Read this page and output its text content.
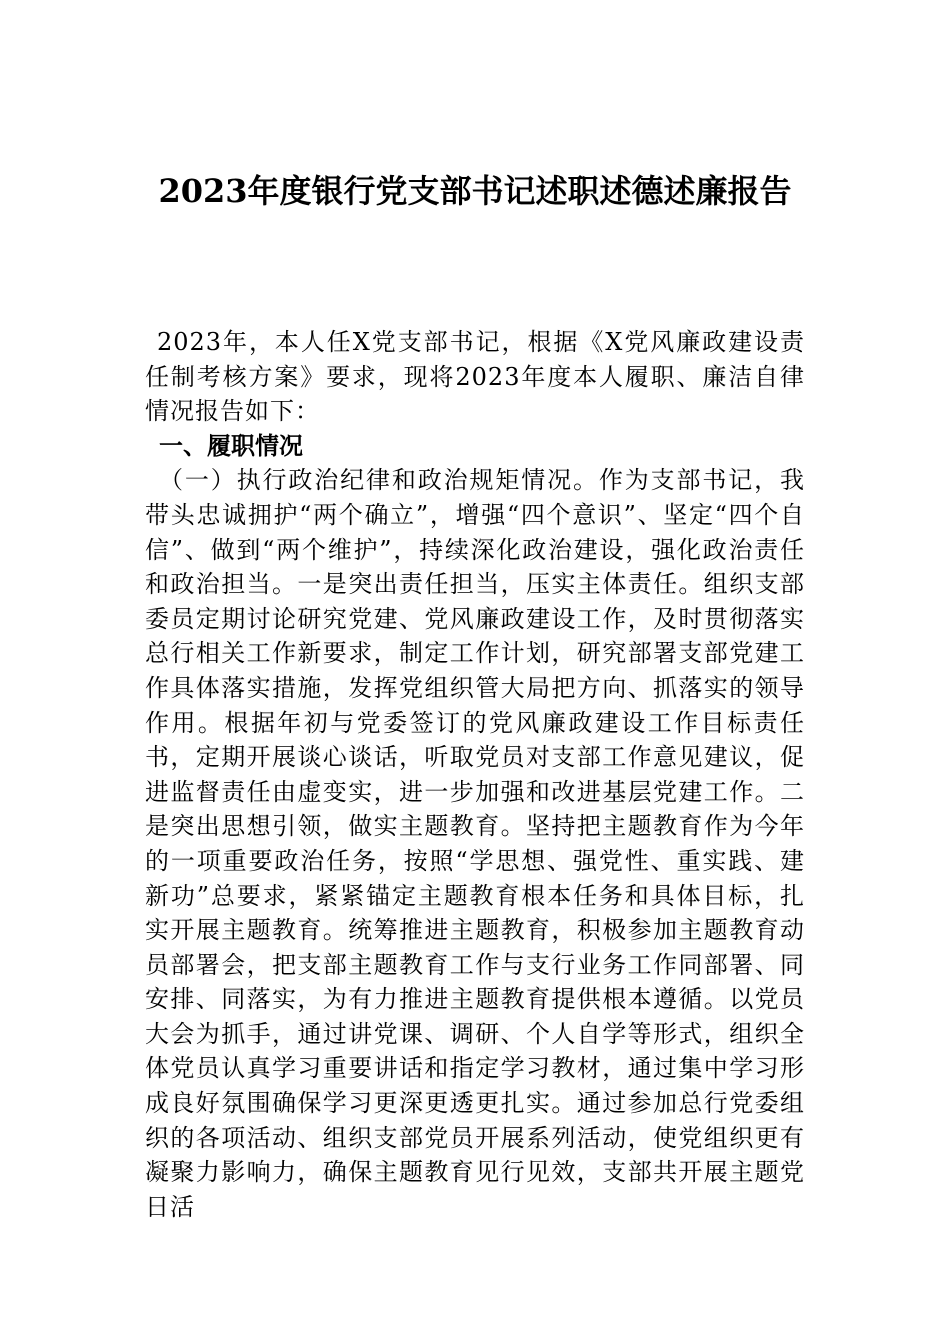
2023年度银行党支部书记述职述德述廉报告

2023年，本人任X党支部书记，根据《X党风廉政建设责任制考核方案》要求，现将2023年度本人履职、廉洁自律情况报告如下：

一、履职情况

（一）执行政治纪律和政治规矩情况。作为支部书记，我带头忠诚拥护“两个确立”，增强“四个意识”、坚定“四个自信”、做到“两个维护”，持续深化政治建设，强化政治责任和政治担当。一是突出责任担当，压实主体责任。组织支部委员定期讨论研究党建、党风廉政建设工作，及时贯彻落实总行相关工作新要求，制定工作计划，研究部署支部党建工作具体落实措施，发挥党组织管大局把方向、抓落实的领导作用。根据年初与党委签订的党风廉政建设工作目标责任书，定期开展谈心谈话，听取党员对支部工作意见建议，促进监督责任由虚变实，进一步加强和改进基层党建工作。二是突出思想引领，做实主题教育。坚持把主题教育作为今年的一项重要政治任务，按照“学思想、强党性、重实践、建新功”总要求，紧紧锚定主题教育根本任务和具体目标，扎实开展主题教育。统筹推进主题教育，积极参加主题教育动员部署会，把支部主题教育工作与支行业务工作同部署、同安排、同落实，为有力推进主题教育提供根本遵循。以党员大会为抓手，通过讲党课、调研、个人自学等形式，组织全体党员认真学习重要讲话和指定学习教材，通过集中学习形成良好氛围确保学习更深更透更扎实。通过参加总行党委组织的各项活动、组织支部党员开展系列活动，使党组织更有凝聚力影响力，确保主题教育见行见效，支部共开展主题党日活
